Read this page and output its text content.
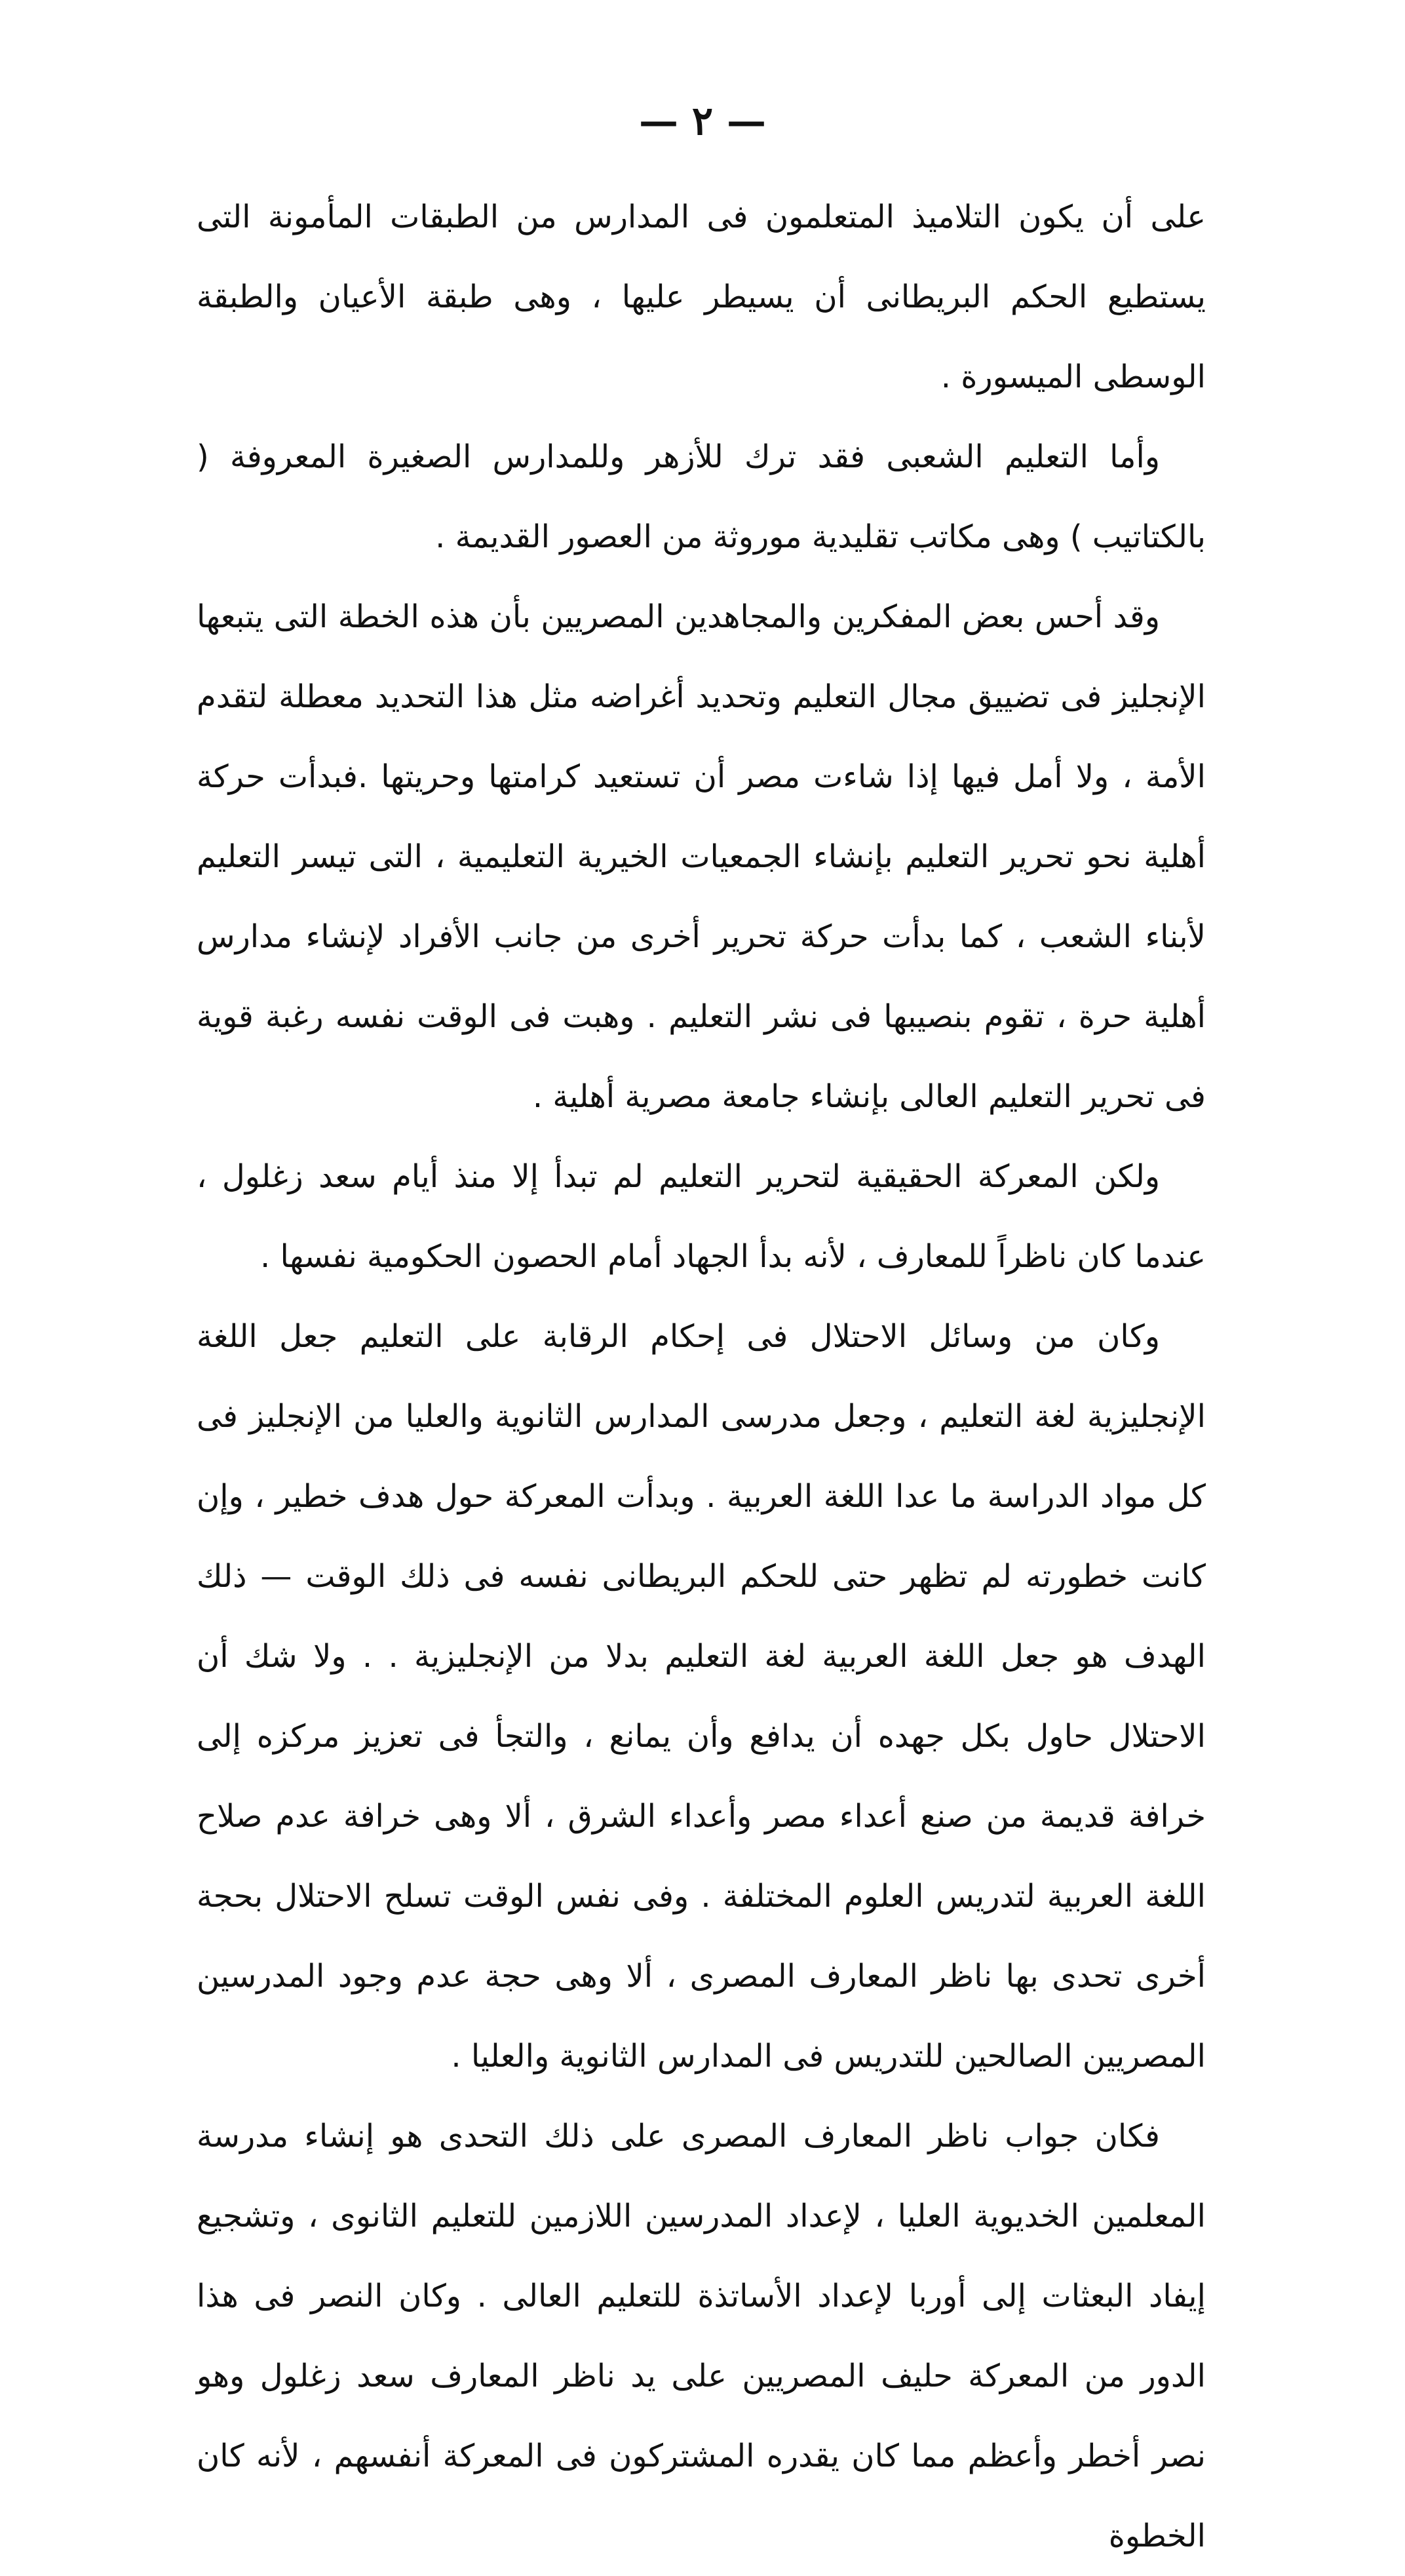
— ٢ —

على أن يكون التلاميذ المتعلمون فى المدارس من الطبقات المأمونة التى يستطيع الحكم البريطانى أن يسيطر عليها ، وهى طبقة الأعيان والطبقة الوسطى الميسورة .

وأما التعليم الشعبى فقد ترك للأزهر وللمدارس الصغيرة المعروفة ( بالكتاتيب ) وهى مكاتب تقليدية موروثة من العصور القديمة .

وقد أحس بعض المفكرين والمجاهدين المصريين بأن هذه الخطة التى يتبعها الإنجليز فى تضييق مجال التعليم وتحديد أغراضه مثل هذا التحديد معطلة لتقدم الأمة ، ولا أمل فيها إذا شاءت مصر أن تستعيد كرامتها وحريتها .فبدأت حركة أهلية نحو تحرير التعليم بإنشاء الجمعيات الخيرية التعليمية ، التى تيسر التعليم لأبناء الشعب ، كما بدأت حركة تحرير أخرى من جانب الأفراد لإنشاء مدارس أهلية حرة ، تقوم بنصيبها فى نشر التعليم . وهبت فى الوقت نفسه رغبة قوية فى تحرير التعليم العالى بإنشاء جامعة مصرية أهلية .

ولكن المعركة الحقيقية لتحرير التعليم لم تبدأ إلا منذ أيام سعد زغلول ، عندما كان ناظراً للمعارف ، لأنه بدأ الجهاد أمام الحصون الحكومية نفسها .

وكان من وسائل الاحتلال فى إحكام الرقابة على التعليم جعل اللغة الإنجليزية لغة التعليم ، وجعل مدرسى المدارس الثانوية والعليا من الإنجليز فى كل مواد الدراسة ما عدا اللغة العربية . وبدأت المعركة حول هدف خطير ، وإن كانت خطورته لم تظهر حتى للحكم البريطانى نفسه فى ذلك الوقت — ذلك الهدف هو جعل اللغة العربية لغة التعليم بدلا من الإنجليزية . . ولا شك أن الاحتلال حاول بكل جهده أن يدافع وأن يمانع ، والتجأ فى تعزيز مركزه إلى خرافة قديمة من صنع أعداء مصر وأعداء الشرق ، ألا وهى خرافة عدم صلاح اللغة العربية لتدريس العلوم المختلفة . وفى نفس الوقت تسلح الاحتلال بحجة أخرى تحدى بها ناظر المعارف المصرى ، ألا وهى حجة عدم وجود المدرسين المصريين الصالحين للتدريس فى المدارس الثانوية والعليا .

فكان جواب ناظر المعارف المصرى على ذلك التحدى هو إنشاء مدرسة المعلمين الخديوية العليا ، لإعداد المدرسين اللازمين للتعليم الثانوى ، وتشجيع إيفاد البعثات إلى أوربا لإعداد الأساتذة للتعليم العالى . وكان النصر فى هذا الدور من المعركة حليف المصريين على يد ناظر المعارف سعد زغلول وهو نصر أخطر وأعظم مما كان يقدره المشتركون فى المعركة أنفسهم ، لأنه كان الخطوة
